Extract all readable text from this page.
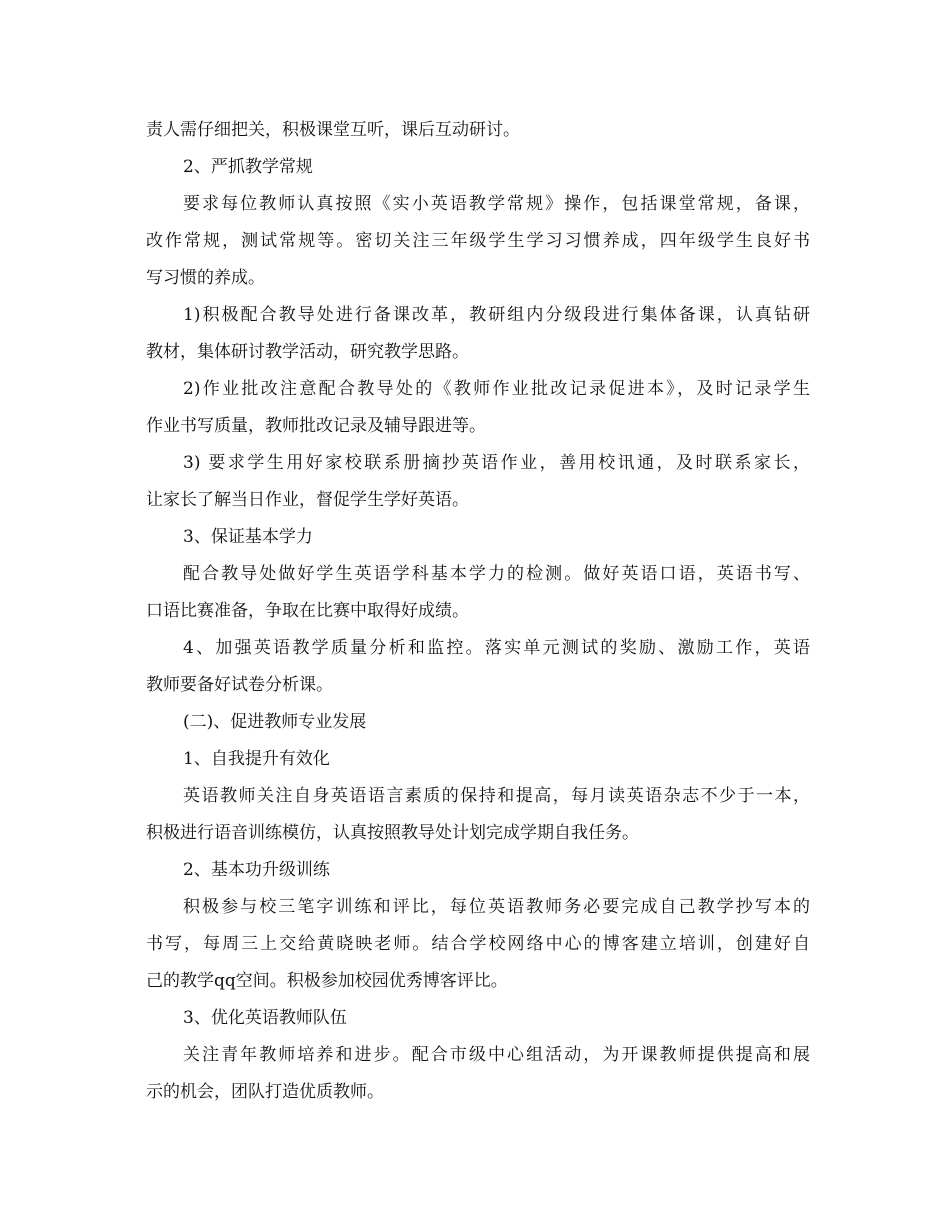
责人需仔细把关，积极课堂互听，课后互动研讨。
2、严抓教学常规
要求每位教师认真按照《实小英语教学常规》操作，包括课堂常规，备课，
改作常规，测试常规等。密切关注三年级学生学习习惯养成，四年级学生良好书
写习惯的养成。
1)积极配合教导处进行备课改革，教研组内分级段进行集体备课，认真钻研
教材，集体研讨教学活动，研究教学思路。
2)作业批改注意配合教导处的《教师作业批改记录促进本》，及时记录学生
作业书写质量，教师批改记录及辅导跟进等。
3) 要求学生用好家校联系册摘抄英语作业，善用校讯通，及时联系家长，
让家长了解当日作业，督促学生学好英语。
3、保证基本学力
配合教导处做好学生英语学科基本学力的检测。做好英语口语，英语书写、
口语比赛准备，争取在比赛中取得好成绩。
4、加强英语教学质量分析和监控。落实单元测试的奖励、激励工作，英语
教师要备好试卷分析课。
(二)、促进教师专业发展
1、自我提升有效化
英语教师关注自身英语语言素质的保持和提高，每月读英语杂志不少于一本，
积极进行语音训练模仿，认真按照教导处计划完成学期自我任务。
2、基本功升级训练
积极参与校三笔字训练和评比，每位英语教师务必要完成自己教学抄写本的
书写，每周三上交给黄晓映老师。结合学校网络中心的博客建立培训，创建好自
己的教学qq空间。积极参加校园优秀博客评比。
3、优化英语教师队伍
关注青年教师培养和进步。配合市级中心组活动，为开课教师提供提高和展
示的机会，团队打造优质教师。
